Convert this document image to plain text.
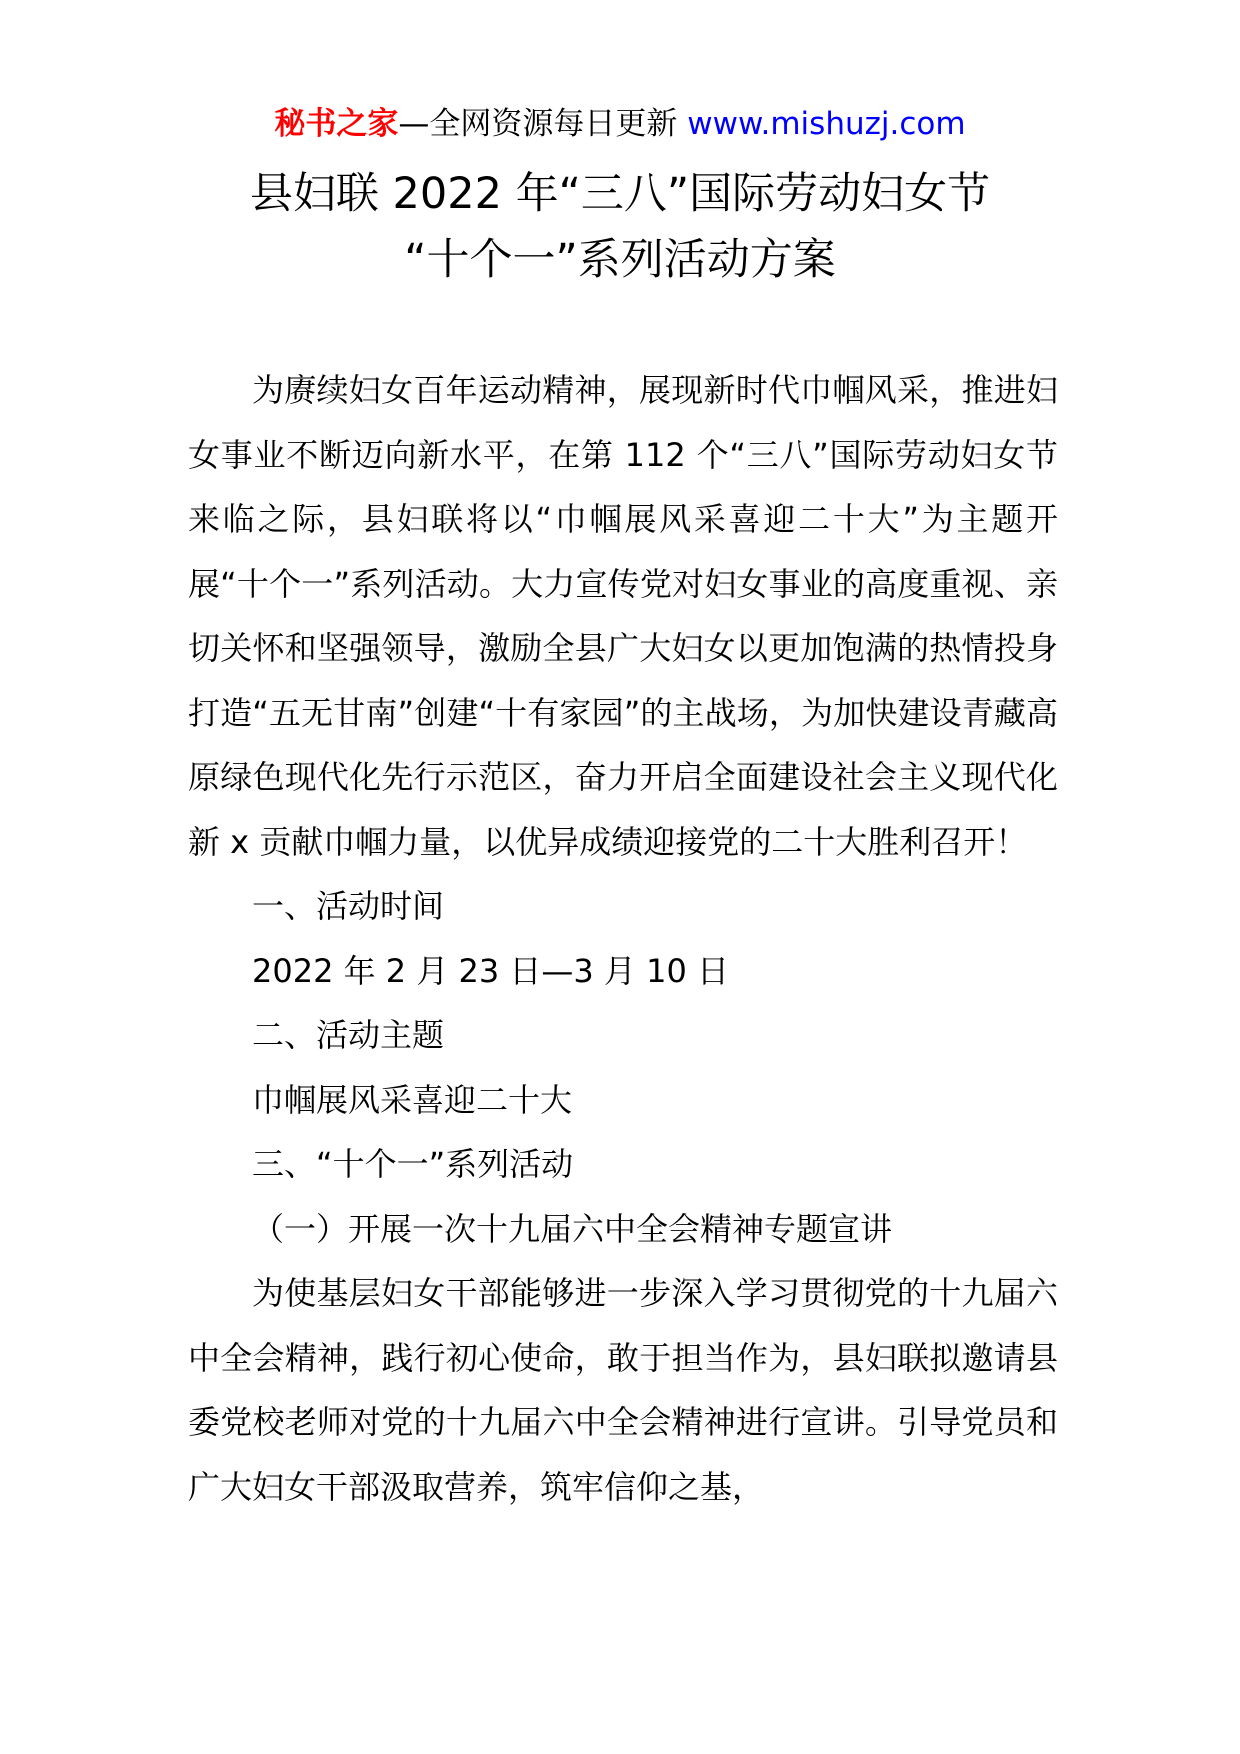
秘书之家—全网资源每日更新 www.mishuzj.com
县妇联 2022 年“三八”国际劳动妇女节
“十个一”系列活动方案

为赓续妇女百年运动精神，展现新时代巾帼风采，推进妇女事业不断迈向新水平，在第 112 个“三八”国际劳动妇女节来临之际，县妇联将以“巾帼展风采喜迎二十大”为主题开展“十个一”系列活动。大力宣传党对妇女事业的高度重视、亲切关怀和坚强领导，激励全县广大妇女以更加饱满的热情投身打造“五无甘南”创建“十有家园”的主战场，为加快建设青藏高原绿色现代化先行示范区，奋力开启全面建设社会主义现代化新 x 贡献巾帼力量，以优异成绩迎接党的二十大胜利召开！

一、活动时间

2022 年 2 月 23 日—3 月 10 日

二、活动主题

巾帼展风采喜迎二十大

三、“十个一”系列活动

（一）开展一次十九届六中全会精神专题宣讲

为使基层妇女干部能够进一步深入学习贯彻党的十九届六中全会精神，践行初心使命，敢于担当作为，县妇联拟邀请县委党校老师对党的十九届六中全会精神进行宣讲。引导党员和广大妇女干部汲取营养，筑牢信仰之基，
